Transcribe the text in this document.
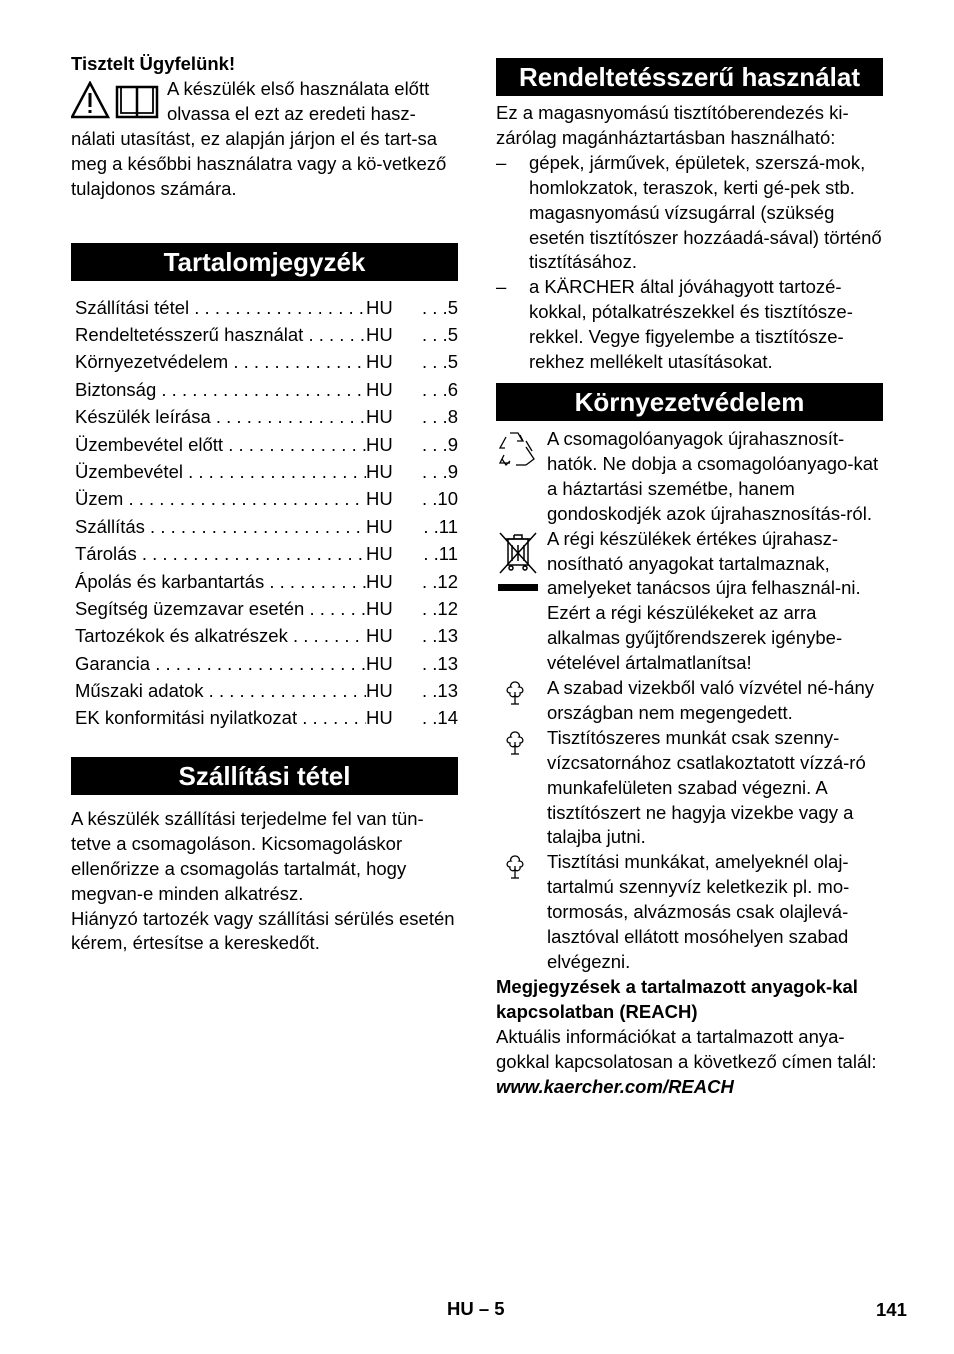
Tisztelt Ügyfelünk!

A készülék első használata előtt olvassa el ezt az eredeti hasz-

nálati utasítást, ez alapján járjon el és tart-sa meg a későbbi használatra vagy a kö-vetkező tulajdonos számára.

Tartalomjegyzék
Szállítási tétel . . .	HU	. . .5
Rendeltetésszerű használat . . .	HU	. . .5
Környezetvédelem . . .	HU	. . .5
Biztonság . . .	HU	. . .6
Készülék leírása . . .	HU	. . .8
Üzembevétel előtt . . .	HU	. . .9
Üzembevétel . . .	HU	. . .9
Üzem . . .	HU	. .10
Szállítás . . .	HU	. .11
Tárolás . . .	HU	. .11
Ápolás és karbantartás . . .	HU	. .12
Segítség üzemzavar esetén . . .	HU	. .12
Tartozékok és alkatrészek . . .	HU	. .13
Garancia . . .	HU	. .13
Műszaki adatok . . .	HU	. .13
EK konformitási nyilatkozat . . .	HU	. .14
Szállítási tétel

A készülék szállítási terjedelme fel van tün-tetve a csomagoláson. Kicsomagoláskor ellenőrizze a csomagolás tartalmát, hogy megvan-e minden alkatrész.

Hiányzó tartozék vagy szállítási sérülés esetén kérem, értesítse a kereskedőt.

Rendeltetésszerű használat

Ez a magasnyomású tisztítóberendezés ki-zárólag magánháztartásban használható:

– gépek, járművek, épületek, szerszá-mok, homlokzatok, teraszok, kerti gé-pek stb. magasnyomású vízsugárral (szükség esetén tisztítószer hozzáadá-sával) történő tisztításához.
– a KÄRCHER által jóváhagyott tartozé-kokkal, pótalkatrészekkel és tisztítósze-rekkel. Vegye figyelembe a tisztítósze-rekhez mellékelt utasításokat.
Környezetvédelem
A csomagolóanyagok újrahasznosít-hatók. Ne dobja a csomagolóanyago-kat a háztartási szemétbe, hanem gondoskodjék azok újrahasznosítás-ról.
A régi készülékek értékes újrahasz-nosítható anyagokat tartalmaznak, amelyeket tanácsos újra felhasznál-ni. Ezért a régi készülékeket az arra alkalmas gyűjtőrendszerek igénybe-vételével ártalmatlanítsa!
A szabad vizekből való vízvétel né-hány országban nem megengedett.
Tisztítószeres munkát csak szenny-vízcsatornához csatlakoztatott vízzá-ró munkafelületen szabad végezni. A tisztítószert ne hagyja vizekbe vagy a talajba jutni.
Tisztítási munkákat, amelyeknél olaj-tartalmú szennyvíz keletkezik pl. mo-tormosás, alvázmosás csak olajlevá-lasztóval ellátott mosóhelyen szabad elvégezni.

Megjegyzések a tartalmazott anyagok-kal kapcsolatban (REACH)

Aktuális információkat a tartalmazott anya-gokkal kapcsolatosan a következő címen talál:

www.kaercher.com/REACH

HU – 5	141
